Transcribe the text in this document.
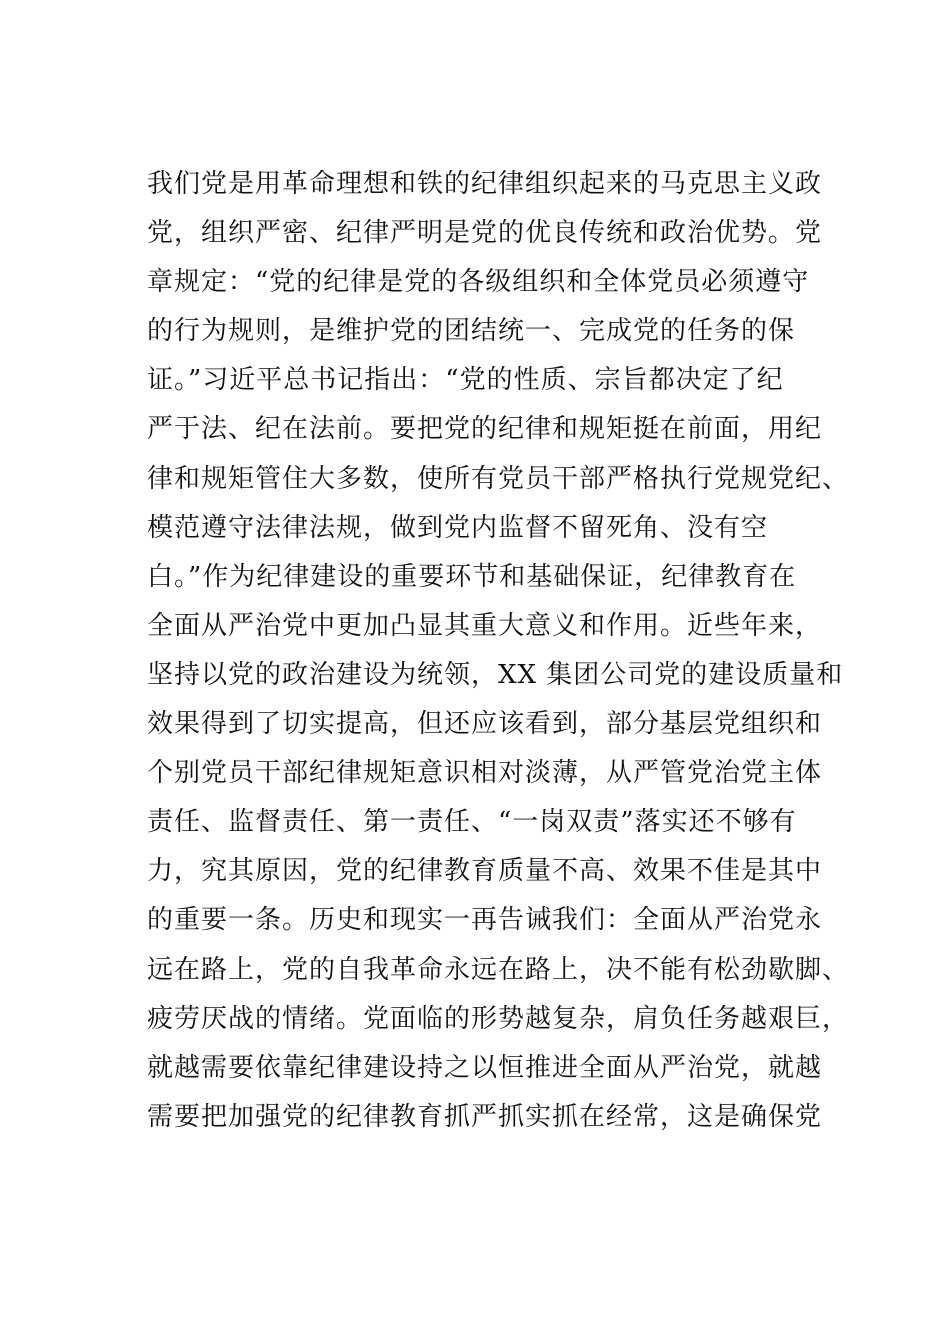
我们党是用革命理想和铁的纪律组织起来的马克思主义政
党，组织严密、纪律严明是党的优良传统和政治优势。党
章规定：“党的纪律是党的各级组织和全体党员必须遵守
的行为规则，是维护党的团结统一、完成党的任务的保
证。”习近平总书记指出：“党的性质、宗旨都决定了纪
严于法、纪在法前。要把党的纪律和规矩挺在前面，用纪
律和规矩管住大多数，使所有党员干部严格执行党规党纪、
模范遵守法律法规，做到党内监督不留死角、没有空
白。”作为纪律建设的重要环节和基础保证，纪律教育在
全面从严治党中更加凸显其重大意义和作用。近些年来，
坚持以党的政治建设为统领，XX 集团公司党的建设质量和
效果得到了切实提高，但还应该看到，部分基层党组织和
个别党员干部纪律规矩意识相对淡薄，从严管党治党主体
责任、监督责任、第一责任、“一岗双责”落实还不够有
力，究其原因，党的纪律教育质量不高、效果不佳是其中
的重要一条。历史和现实一再告诫我们：全面从严治党永
远在路上，党的自我革命永远在路上，决不能有松劲歇脚、
疲劳厌战的情绪。党面临的形势越复杂，肩负任务越艰巨，
就越需要依靠纪律建设持之以恒推进全面从严治党，就越
需要把加强党的纪律教育抓严抓实抓在经常，这是确保党
